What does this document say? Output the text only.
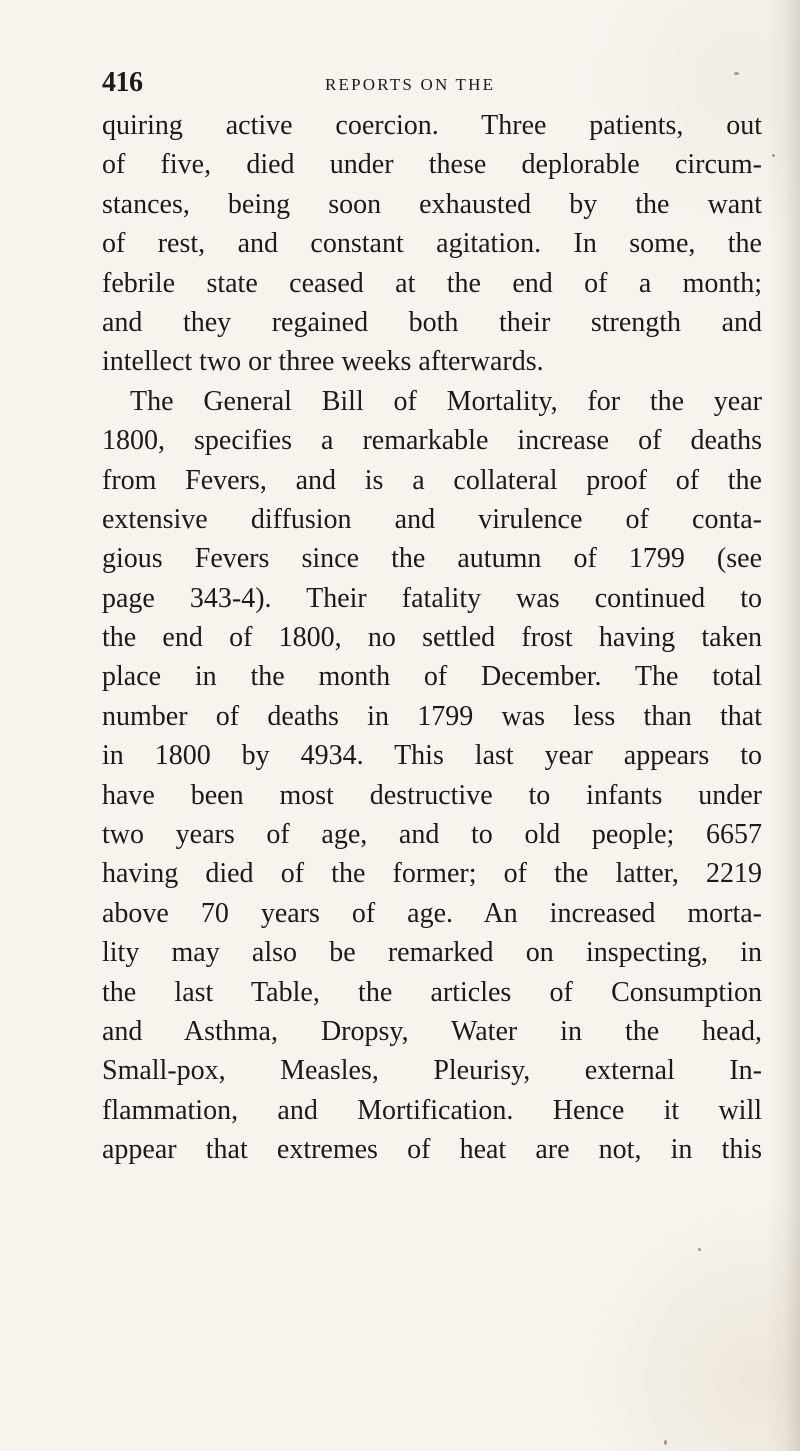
416	REPORTS ON THE
quiring active coercion. Three patients, out
of five, died under these deplorable circum-
stances, being soon exhausted by the want
of rest, and constant agitation. In some, the
febrile state ceased at the end of a month;
and they regained both their strength and
intellect two or three weeks afterwards.
The General Bill of Mortality, for the year
1800, specifies a remarkable increase of deaths
from Fevers, and is a collateral proof of the
extensive diffusion and virulence of conta-
gious Fevers since the autumn of 1799 (see
page 343-4). Their fatality was continued to
the end of 1800, no settled frost having taken
place in the month of December. The total
number of deaths in 1799 was less than that
in 1800 by 4934. This last year appears to
have been most destructive to infants under
two years of age, and to old people; 6657
having died of the former; of the latter, 2219
above 70 years of age. An increased morta-
lity may also be remarked on inspecting, in
the last Table, the articles of Consumption
and Asthma, Dropsy, Water in the head,
Small-pox, Measles, Pleurisy, external In-
flammation, and Mortification. Hence it will
appear that extremes of heat are not, in this
